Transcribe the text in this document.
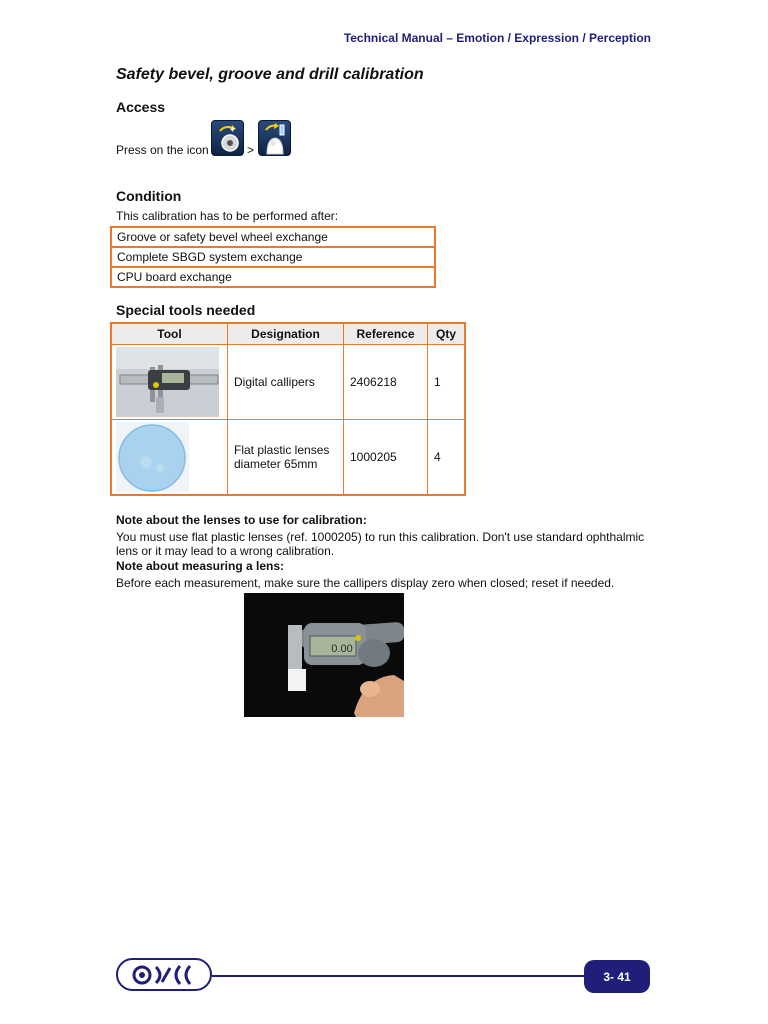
Technical Manual – Emotion / Expression / Perception
Safety bevel, groove and drill calibration
Access
Press on the icon
+
>
Condition
This calibration has to be performed after:
Groove or safety bevel wheel exchange
Complete SBGD system exchange
CPU board exchange
Special tools needed
Tool	Designation	Reference	Qty

	Digital callipers	2406218	1

	Flat plastic lenses diameter 65mm	1000205	4
Note about the lenses to use for calibration:
You must use flat plastic lenses (ref. 1000205) to run this calibration. Don't use standard ophthalmic lens or it may lead to a wrong calibration.
Note about measuring a lens:
Before each measurement, make sure the callipers display zero when closed; reset if needed.
0.00
3- 41
